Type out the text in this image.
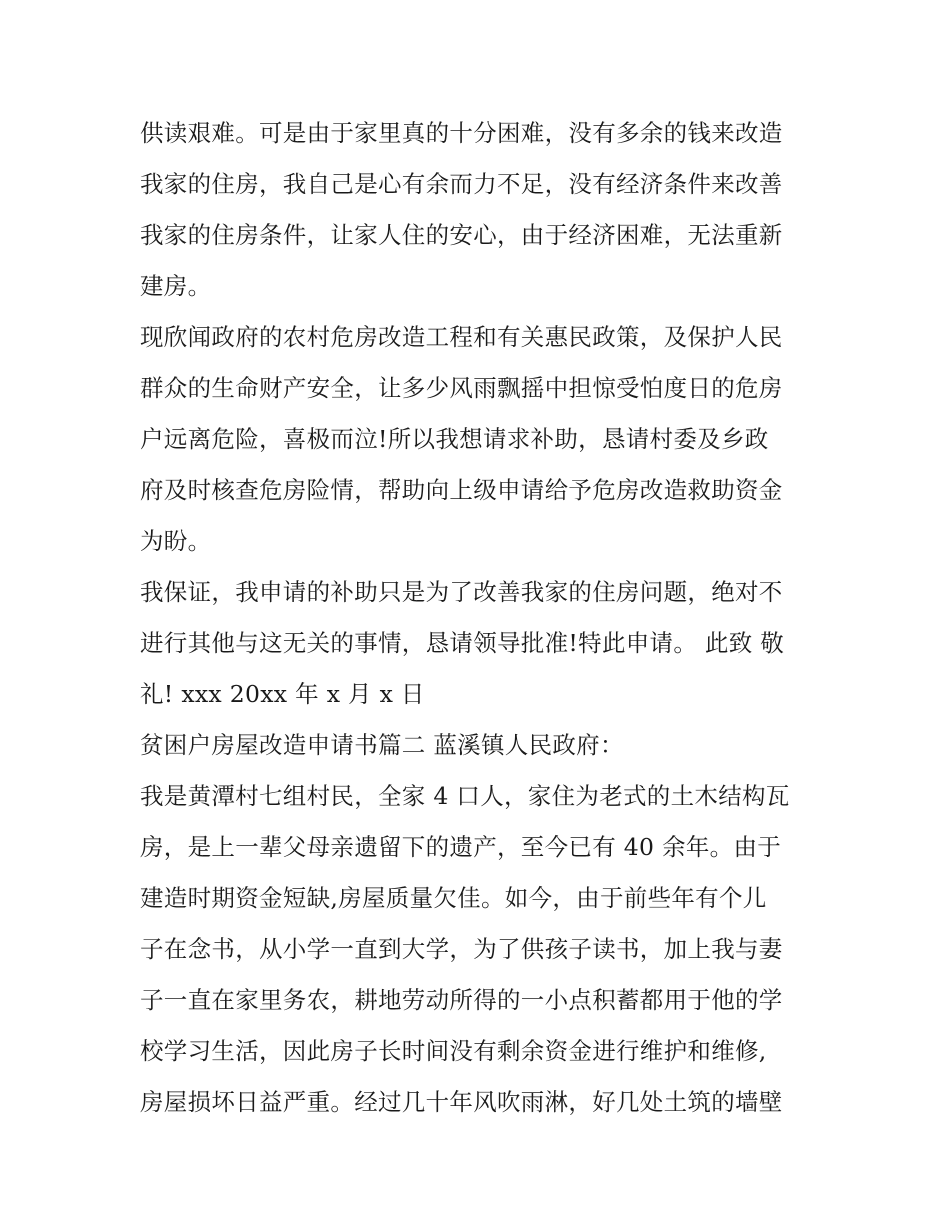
供读艰难。可是由于家里真的十分困难，没有多余的钱来改造
我家的住房，我自己是心有余而力不足，没有经济条件来改善
我家的住房条件，让家人住的安心，由于经济困难，无法重新
建房。
现欣闻政府的农村危房改造工程和有关惠民政策，及保护人民
群众的生命财产安全，让多少风雨飘摇中担惊受怕度日的危房
户远离危险，喜极而泣!所以我想请求补助，恳请村委及乡政
府及时核查危房险情，帮助向上级申请给予危房改造救助资金
为盼。
我保证，我申请的补助只是为了改善我家的住房问题，绝对不
进行其他与这无关的事情，恳请领导批准!特此申请。 此致 敬
礼! xxx 20xx 年 x 月 x 日
贫困户房屋改造申请书篇二 蓝溪镇人民政府：
我是黄潭村七组村民，全家 4 口人，家住为老式的土木结构瓦
房，是上一辈父母亲遗留下的遗产，至今已有 40 余年。由于
建造时期资金短缺,房屋质量欠佳。如今，由于前些年有个儿
子在念书，从小学一直到大学，为了供孩子读书，加上我与妻
子一直在家里务农，耕地劳动所得的一小点积蓄都用于他的学
校学习生活，因此房子长时间没有剩余资金进行维护和维修,
房屋损坏日益严重。经过几十年风吹雨淋，好几处土筑的墙壁
